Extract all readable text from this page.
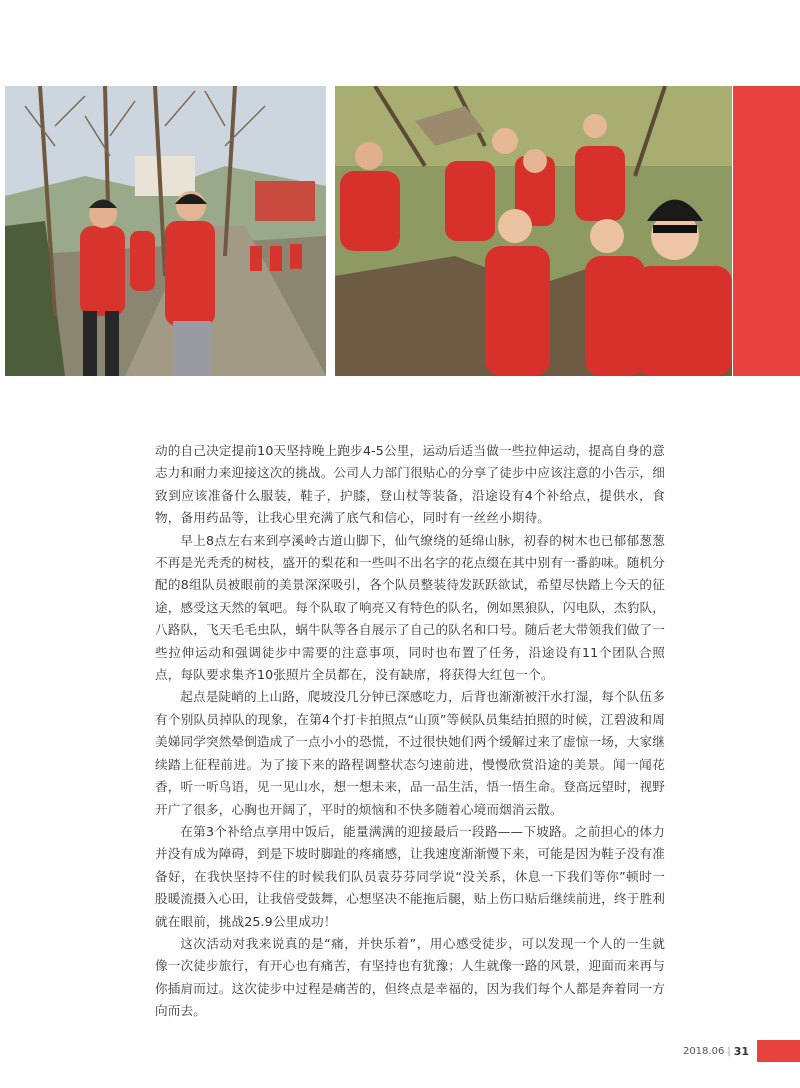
动的自己决定提前10天坚持晚上跑步4-5公里，运动后适当做一些拉伸运动，提高自身的意志力和耐力来迎接这次的挑战。公司人力部门很贴心的分享了徒步中应该注意的小告示，细致到应该准备什么服装，鞋子，护膝，登山杖等装备，沿途设有4个补给点，提供水，食物，备用药品等，让我心里充满了底气和信心，同时有一丝丝小期待。

早上8点左右来到亭溪岭古道山脚下，仙气缭绕的延绵山脉，初春的树木也已郁郁葱葱不再是光秃秃的树枝，盛开的梨花和一些叫不出名字的花点缀在其中别有一番韵味。随机分配的8组队员被眼前的美景深深吸引，各个队员整装待发跃跃欲试，希望尽快踏上今天的征途，感受这天然的氧吧。每个队取了响亮又有特色的队名，例如黑狼队，闪电队，杰豹队，八路队，飞天毛毛虫队，蜗牛队等各自展示了自己的队名和口号。随后老大带领我们做了一些拉伸运动和强调徒步中需要的注意事项，同时也布置了任务，沿途设有11个团队合照点，每队要求集齐10张照片全员都在，没有缺席，将获得大红包一个。

起点是陡峭的上山路，爬坡没几分钟已深感吃力，后背也渐渐被汗水打湿，每个队伍多有个别队员掉队的现象，在第4个打卡拍照点“山顶”等候队员集结拍照的时候，江碧波和周美娣同学突然晕倒造成了一点小小的恐慌，不过很快她们两个缓解过来了虚惊一场，大家继续踏上征程前进。为了接下来的路程调整状态匀速前进，慢慢欣赏沿途的美景。闻一闻花香，听一听鸟语，见一见山水，想一想未来，品一品生活，悟一悟生命。登高远望时，视野开广了很多，心胸也开阔了，平时的烦恼和不快多随着心境而烟消云散。

在第3个补给点享用中饭后，能量满满的迎接最后一段路——下坡路。之前担心的体力并没有成为障碍，到是下坡时脚趾的疼痛感，让我速度渐渐慢下来，可能是因为鞋子没有准备好，在我快坚持不住的时候我们队员袁芬芬同学说“没关系，休息一下我们等你”顿时一股暖流摄入心田，让我倍受鼓舞，心想坚决不能拖后腿，贴上伤口贴后继续前进，终于胜利就在眼前，挑战25.9公里成功！

这次活动对我来说真的是“痛，并快乐着”，用心感受徒步，可以发现一个人的一生就像一次徒步旅行，有开心也有痛苦，有坚持也有犹豫；人生就像一路的风景，迎面而来再与你插肩而过。这次徒步中过程是痛苦的，但终点是幸福的，因为我们每个人都是奔着同一方向而去。

2018.06 | 31
